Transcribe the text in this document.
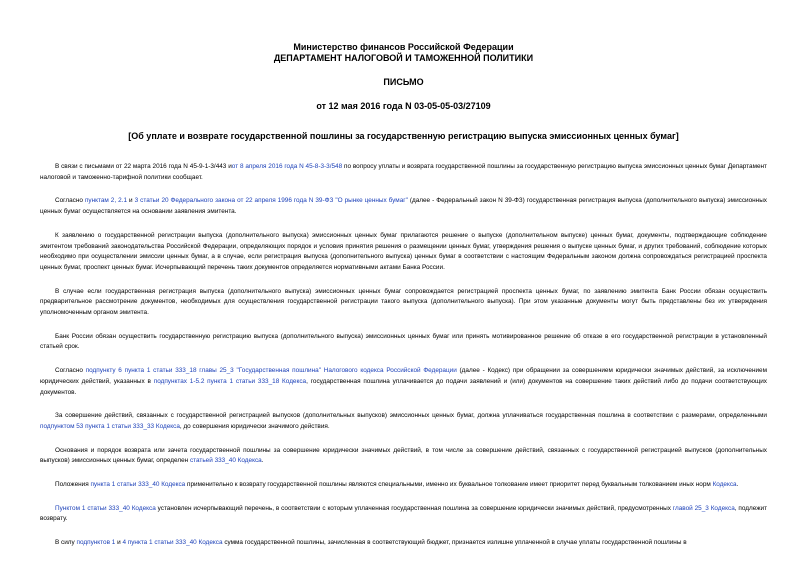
Министерство финансов Российской Федерации
ДЕПАРТАМЕНТ НАЛОГОВОЙ И ТАМОЖЕННОЙ ПОЛИТИКИ
ПИСЬМО
от 12 мая 2016 года N 03-05-05-03/27109
[Об уплате и возврате государственной пошлины за государственную регистрацию выпуска эмиссионных ценных бумаг]

В связи с письмами от 22 марта 2016 года N 45-9-1-3/443 иот 8 апреля 2016 года N 45-8-3-3/548 по вопросу уплаты и возврата государственной пошлины за государственную регистрацию выпуска эмиссионных ценных бумаг Департамент налоговой и таможенно-тарифной политики сообщает.

Согласно пунктам 2, 2.1 и 3 статьи 20 Федерального закона от 22 апреля 1996 года N 39-ФЗ "О рынке ценных бумаг" (далее - Федеральный закон N 39-ФЗ) государственная регистрация выпуска (дополнительного выпуска) эмиссионных ценных бумаг осуществляется на основании заявления эмитента.

К заявлению о государственной регистрации выпуска (дополнительного выпуска) эмиссионных ценных бумаг прилагаются решение о выпуске (дополнительном выпуске) ценных бумаг, документы, подтверждающие соблюдение эмитентом требований законодательства Российской Федерации, определяющих порядок и условия принятия решения о размещении ценных бумаг, утверждения решения о выпуске ценных бумаг, и других требований, соблюдение которых необходимо при осуществлении эмиссии ценных бумаг, а в случае, если регистрация выпуска (дополнительного выпуска) ценных бумаг в соответствии с настоящим Федеральным законом должна сопровождаться регистрацией проспекта ценных бумаг, проспект ценных бумаг. Исчерпывающий перечень таких документов определяется нормативными актами Банка России.

В случае если государственная регистрация выпуска (дополнительного выпуска) эмиссионных ценных бумаг сопровождается регистрацией проспекта ценных бумаг, по заявлению эмитента Банк России обязан осуществить предварительное рассмотрение документов, необходимых для осуществления государственной регистрации такого выпуска (дополнительного выпуска). При этом указанные документы могут быть представлены без их утверждения уполномоченным органом эмитента.

Банк России обязан осуществить государственную регистрацию выпуска (дополнительного выпуска) эмиссионных ценных бумаг или принять мотивированное решение об отказе в его государственной регистрации в установленный статьей срок.

Согласно подпункту 6 пункта 1 статьи 333_18 главы 25_3 "Государственная пошлина" Налогового кодекса Российской Федерации (далее - Кодекс) при обращении за совершением юридически значимых действий, за исключением юридических действий, указанных в подпунктах 1-5.2 пункта 1 статьи 333_18 Кодекса, государственная пошлина уплачивается до подачи заявлений и (или) документов на совершение таких действий либо до подачи соответствующих документов.

За совершение действий, связанных с государственной регистрацией выпусков (дополнительных выпусков) эмиссионных ценных бумаг, должна уплачиваться государственная пошлина в соответствии с размерами, определенными подпунктом 53 пункта 1 статьи 333_33 Кодекса, до совершения юридически значимого действия.

Основания и порядок возврата или зачета государственной пошлины за совершение юридически значимых действий, в том числе за совершение действий, связанных с государственной регистрацией выпусков (дополнительных выпусков) эмиссионных ценных бумаг, определен статьей 333_40 Кодекса.

Положения пункта 1 статьи 333_40 Кодекса применительно к возврату государственной пошлины являются специальными, именно их буквальное толкование имеет приоритет перед буквальным толкованием иных норм Кодекса.

Пунктом 1 статьи 333_40 Кодекса установлен исчерпывающий перечень, в соответствии с которым уплаченная государственная пошлина за совершение юридически значимых действий, предусмотренных главой 25_3 Кодекса, подлежит возврату.

В силу подпунктов 1 и 4 пункта 1 статьи 333_40 Кодекса сумма государственной пошлины, зачисленная в соответствующий бюджет, признается излишне уплаченной в случае уплаты государственной пошлины в
